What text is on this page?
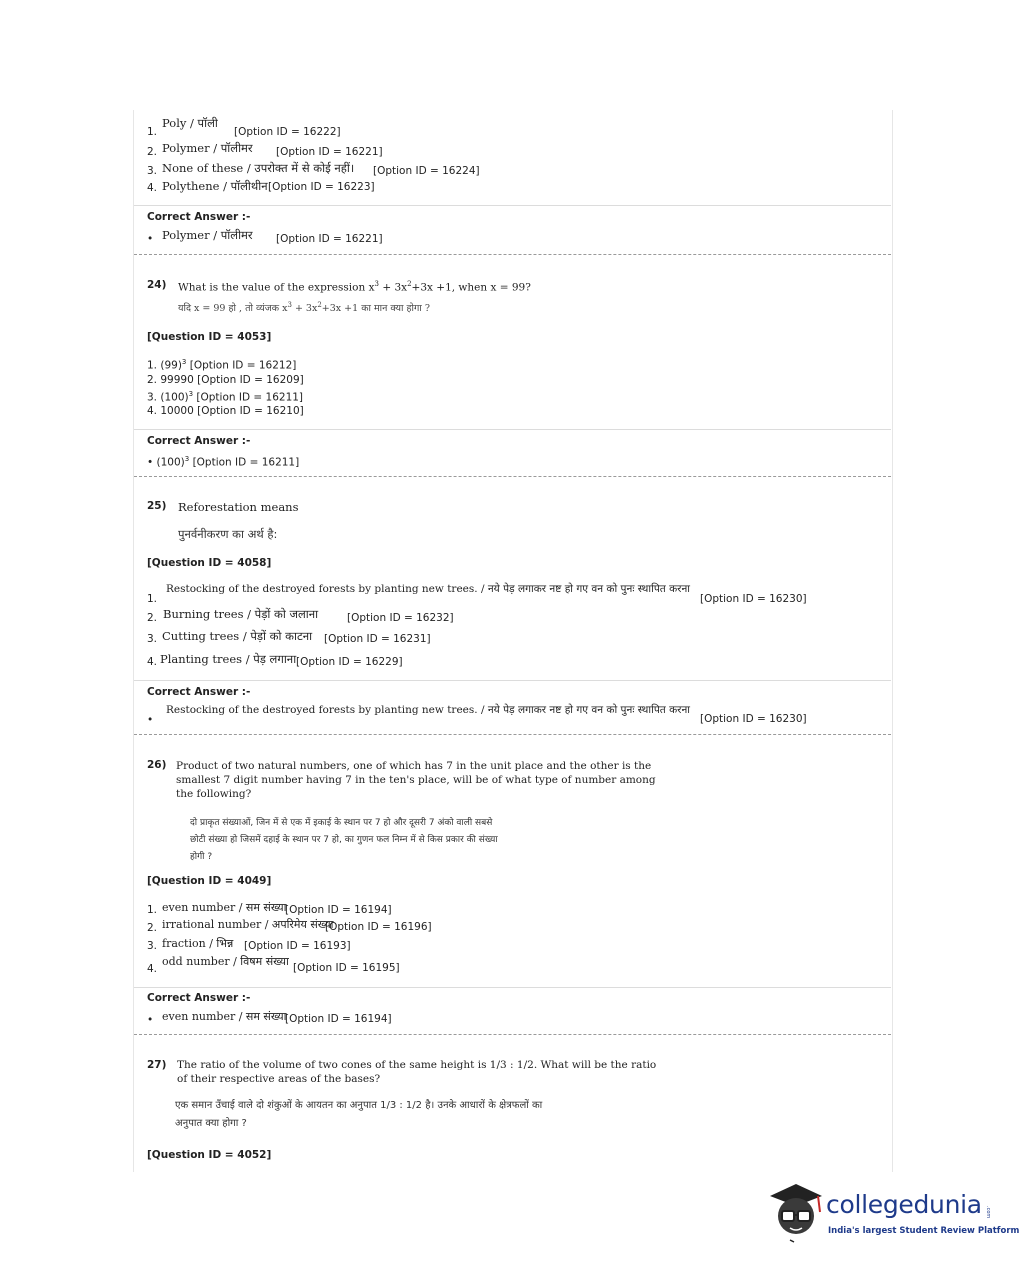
1.
Poly / पॉली
[Option ID = 16222]
2. Polymer / पॉलीमर [Option ID = 16221]
3. None of these / उपरोक्त में से कोई नहीं। [Option ID = 16224]
4. Polythene / पॉलीथीन [Option ID = 16223]
Correct Answer :-
• Polymer / पॉलीमर [Option ID = 16221]
24) What is the value of the expression $x^3 + 3x^2+3x +1$, when x = 99?
यदि x = 99 हो , तो व्यंजक $x^3 + 3x^2+3x +1$ का मान क्या होगा ?
[Question ID = 4053]
1. $(99)^3$ [Option ID = 16212]
2. 99990 [Option ID = 16209]
3. $(100)^3$ [Option ID = 16211]
4. 10000 [Option ID = 16210]
Correct Answer :-
• $(100)^3$ [Option ID = 16211]
25) Reforestation means
पुनर्वनीकरण का अर्थ है:
[Question ID = 4058]
1.
Restocking of the destroyed forests by planting new trees. / नये पेड़ लगाकर नष्ट हो गए वन को पुनः स्थापित करना
[Option ID = 16230]
2. Burning trees / पेड़ों को जलाना	[Option ID = 16232]
3. Cutting trees / पेड़ों को काटना [Option ID = 16231]
4. Planting trees / पेड़ लगाना [Option ID = 16229]
Correct Answer :-
•
Restocking of the destroyed forests by planting new trees. / नये पेड़ लगाकर नष्ट हो गए वन को पुनः स्थापित करना
[Option ID = 16230]
26) Product of two natural numbers, one of which has 7 in the unit place and the other is the
smallest 7 digit number having 7 in the ten's place, will be of what type of number among
the following?
दो प्राकृत संख्याओं, जिन में से एक में इकाई के स्थान पर 7 हो और दूसरी 7 अंको वाली सबसे
छोटी संख्या हो जिसमें दहाई के स्थान पर 7 हो, का गुणन फल निम्न में से किस प्रकार की संख्या
होगी ?
[Question ID = 4049]
1. even number / सम संख्या
[Option ID = 16194]
2. irrational number / अपरिमेय संख्या
[Option ID = 16196]
3. fraction / भिन्न [Option ID = 16193]
4.
odd number / विषम संख्या [Option ID = 16195]
Correct Answer :-
• even number / सम संख्या
[Option ID = 16194]
27) The ratio of the volume of two cones of the same height is 1/3 : 1/2. What will be the ratio
of their respective areas of the bases?
एक समान उँचाई वाले दो शंकुओं के आयतन का अनुपात 1/3 : 1/2 है। उनके आधारों के क्षेत्रफलों का
अनुपात क्या होगा ?
[Question ID = 4052]
collegedunia .com
India's largest Student Review Platform
